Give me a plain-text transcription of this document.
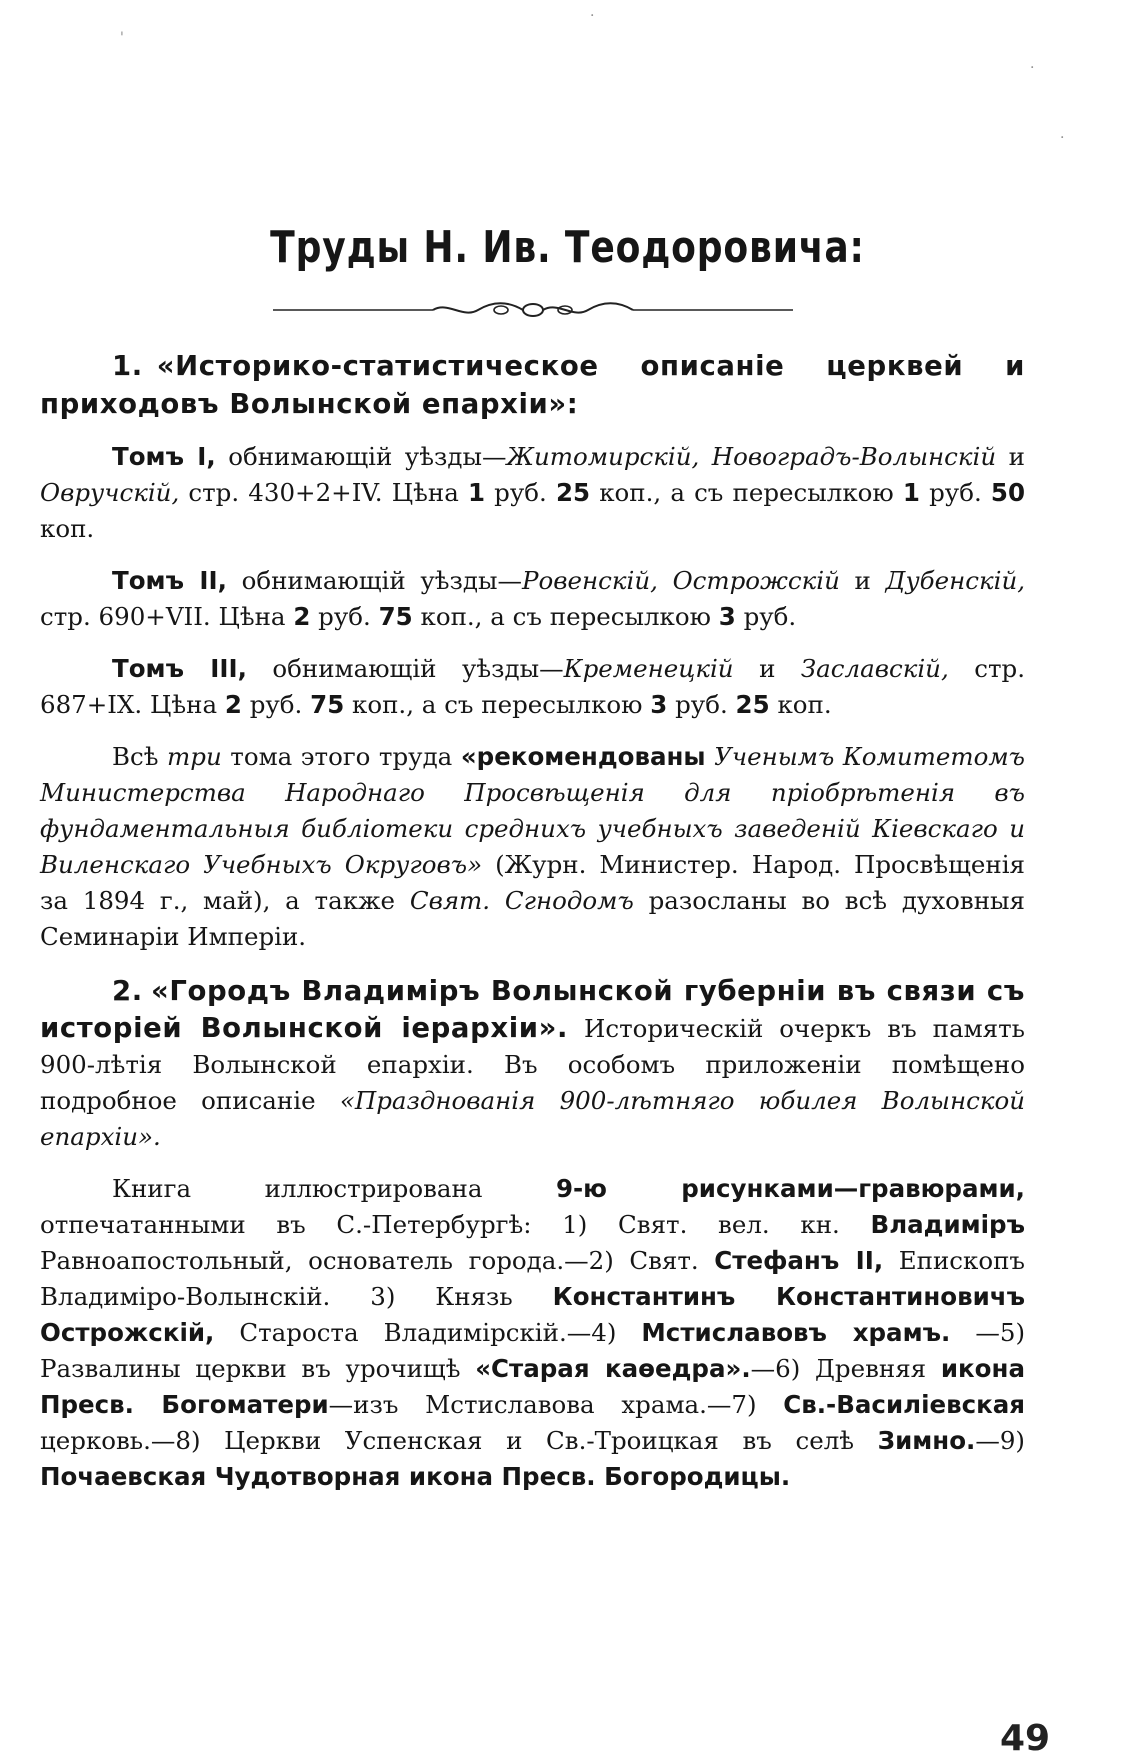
'
·
·
·
Труды Н. Ив. Теодоровича:
1. «Историко-статистическое описаніе церквей и приходовъ Волынской епархіи»:
Томъ I, обнимающій уѣзды—Житомирскій, Новоградъ-Волынскій и Овручскій, стр. 430+2+IV. Цѣна 1 руб. 25 коп., а съ пересылкою 1 руб. 50 коп.
Томъ II, обнимающій уѣзды—Ровенскій, Острожскій и Дубенскій, стр. 690+VII. Цѣна 2 руб. 75 коп., а съ пересылкою 3 руб.
Томъ III, обнимающій уѣзды—Кременецкій и Заславскій, стр. 687+IX. Цѣна 2 руб. 75 коп., а съ пересылкою 3 руб. 25 коп.
Всѣ три тома этого труда «рекомендованы Ученымъ Комитетомъ Министерства Народнаго Просвѣщенія для пріобрѣтенія въ фундаментальныя библіотеки среднихъ учебныхъ заведеній Кіевскаго и Виленскаго Учебныхъ Округовъ» (Журн. Министер. Народ. Просвѣщенія за 1894 г., май), а также Свят. Сгнодомъ разосланы во всѣ духовныя Семинаріи Имперіи.
2. «Городъ Владиміръ Волынской губерніи въ связи съ исторіей Волынской іерархіи». Историческій очеркъ въ память 900-лѣтія Волынской епархіи. Въ особомъ приложеніи помѣщено подробное описаніе «Празднованія 900-лѣтняго юбилея Волынской епархіи».
Книга иллюстрирована 9-ю рисунками—гравюрами, отпечатанными въ С.-Петербургѣ: 1) Свят. вел. кн. Владиміръ Равноапостольный, основатель города.—2) Свят. Стефанъ II, Епископъ Владиміро-Волынскій. 3) Князь Константинъ Константиновичъ Острожскій, Староста Владимірскій.—4) Мстиславовъ храмъ. —5) Развалины церкви въ урочищѣ «Старая каѳедра».—6) Древняя икона Пресв. Богоматери—изъ Мстиславова храма.—7) Св.-Василіевская церковь.—8) Церкви Успенская и Св.-Троицкая въ селѣ Зимно.—9) Почаевская Чудотворная икона Пресв. Богородицы.
49
